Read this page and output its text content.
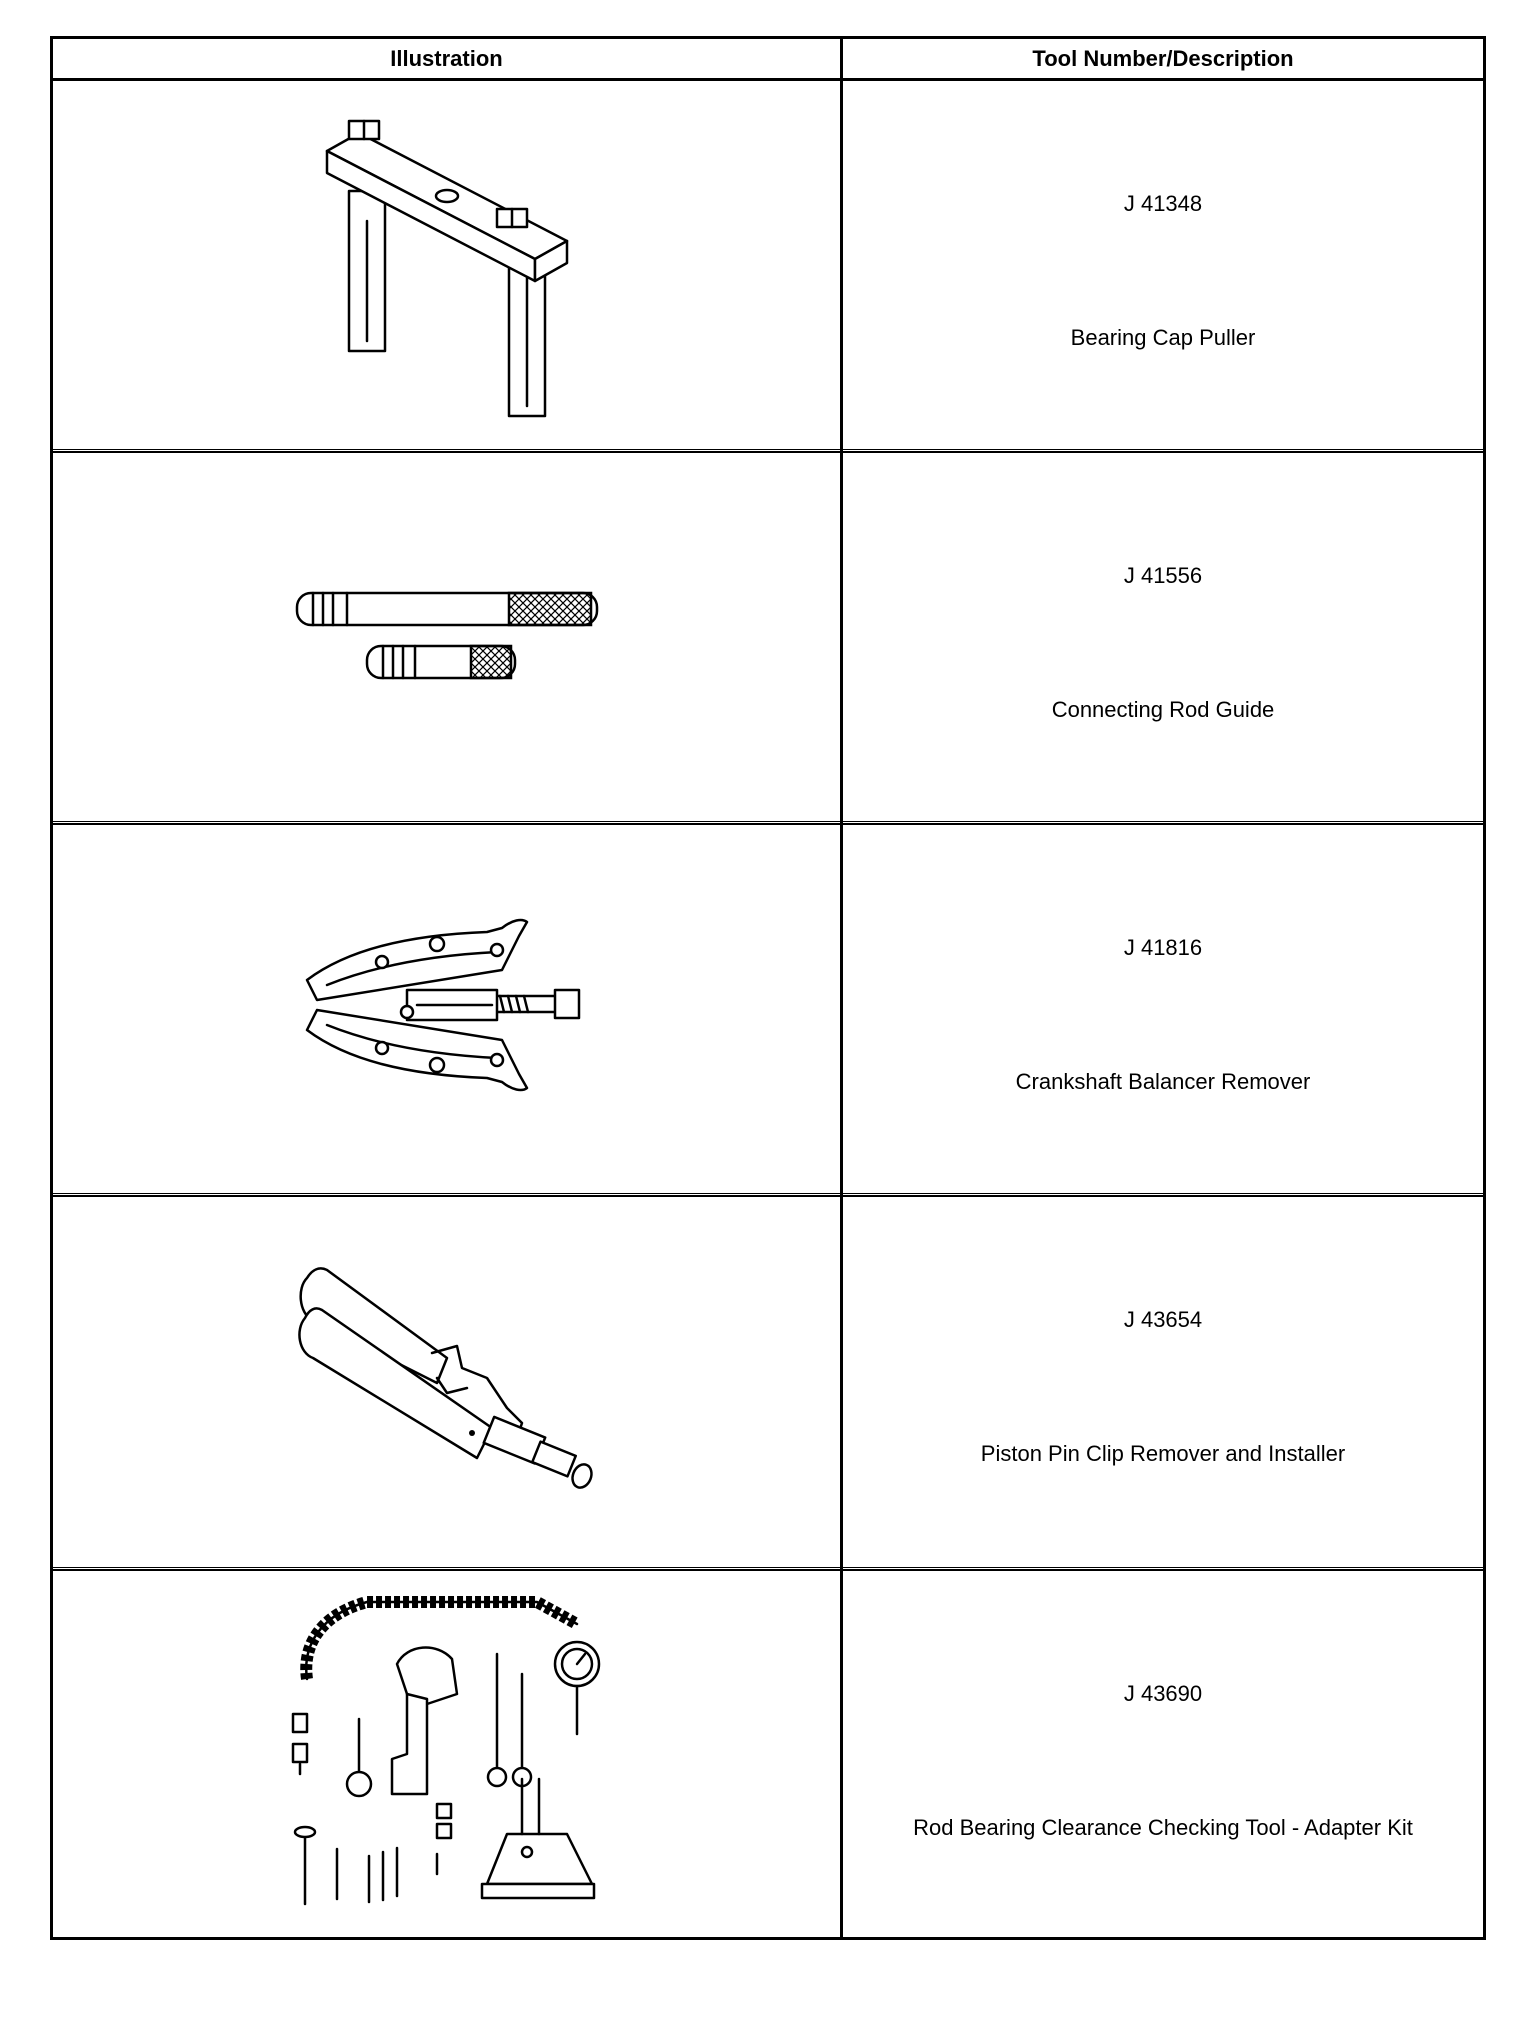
Illustration	Tool Number/Description
J 41348
Bearing Cap Puller
J 41556
Connecting Rod Guide
J 41816
Crankshaft Balancer Remover
J 43654
Piston Pin Clip Remover and Installer
J 43690
Rod Bearing Clearance Checking Tool - Adapter Kit
